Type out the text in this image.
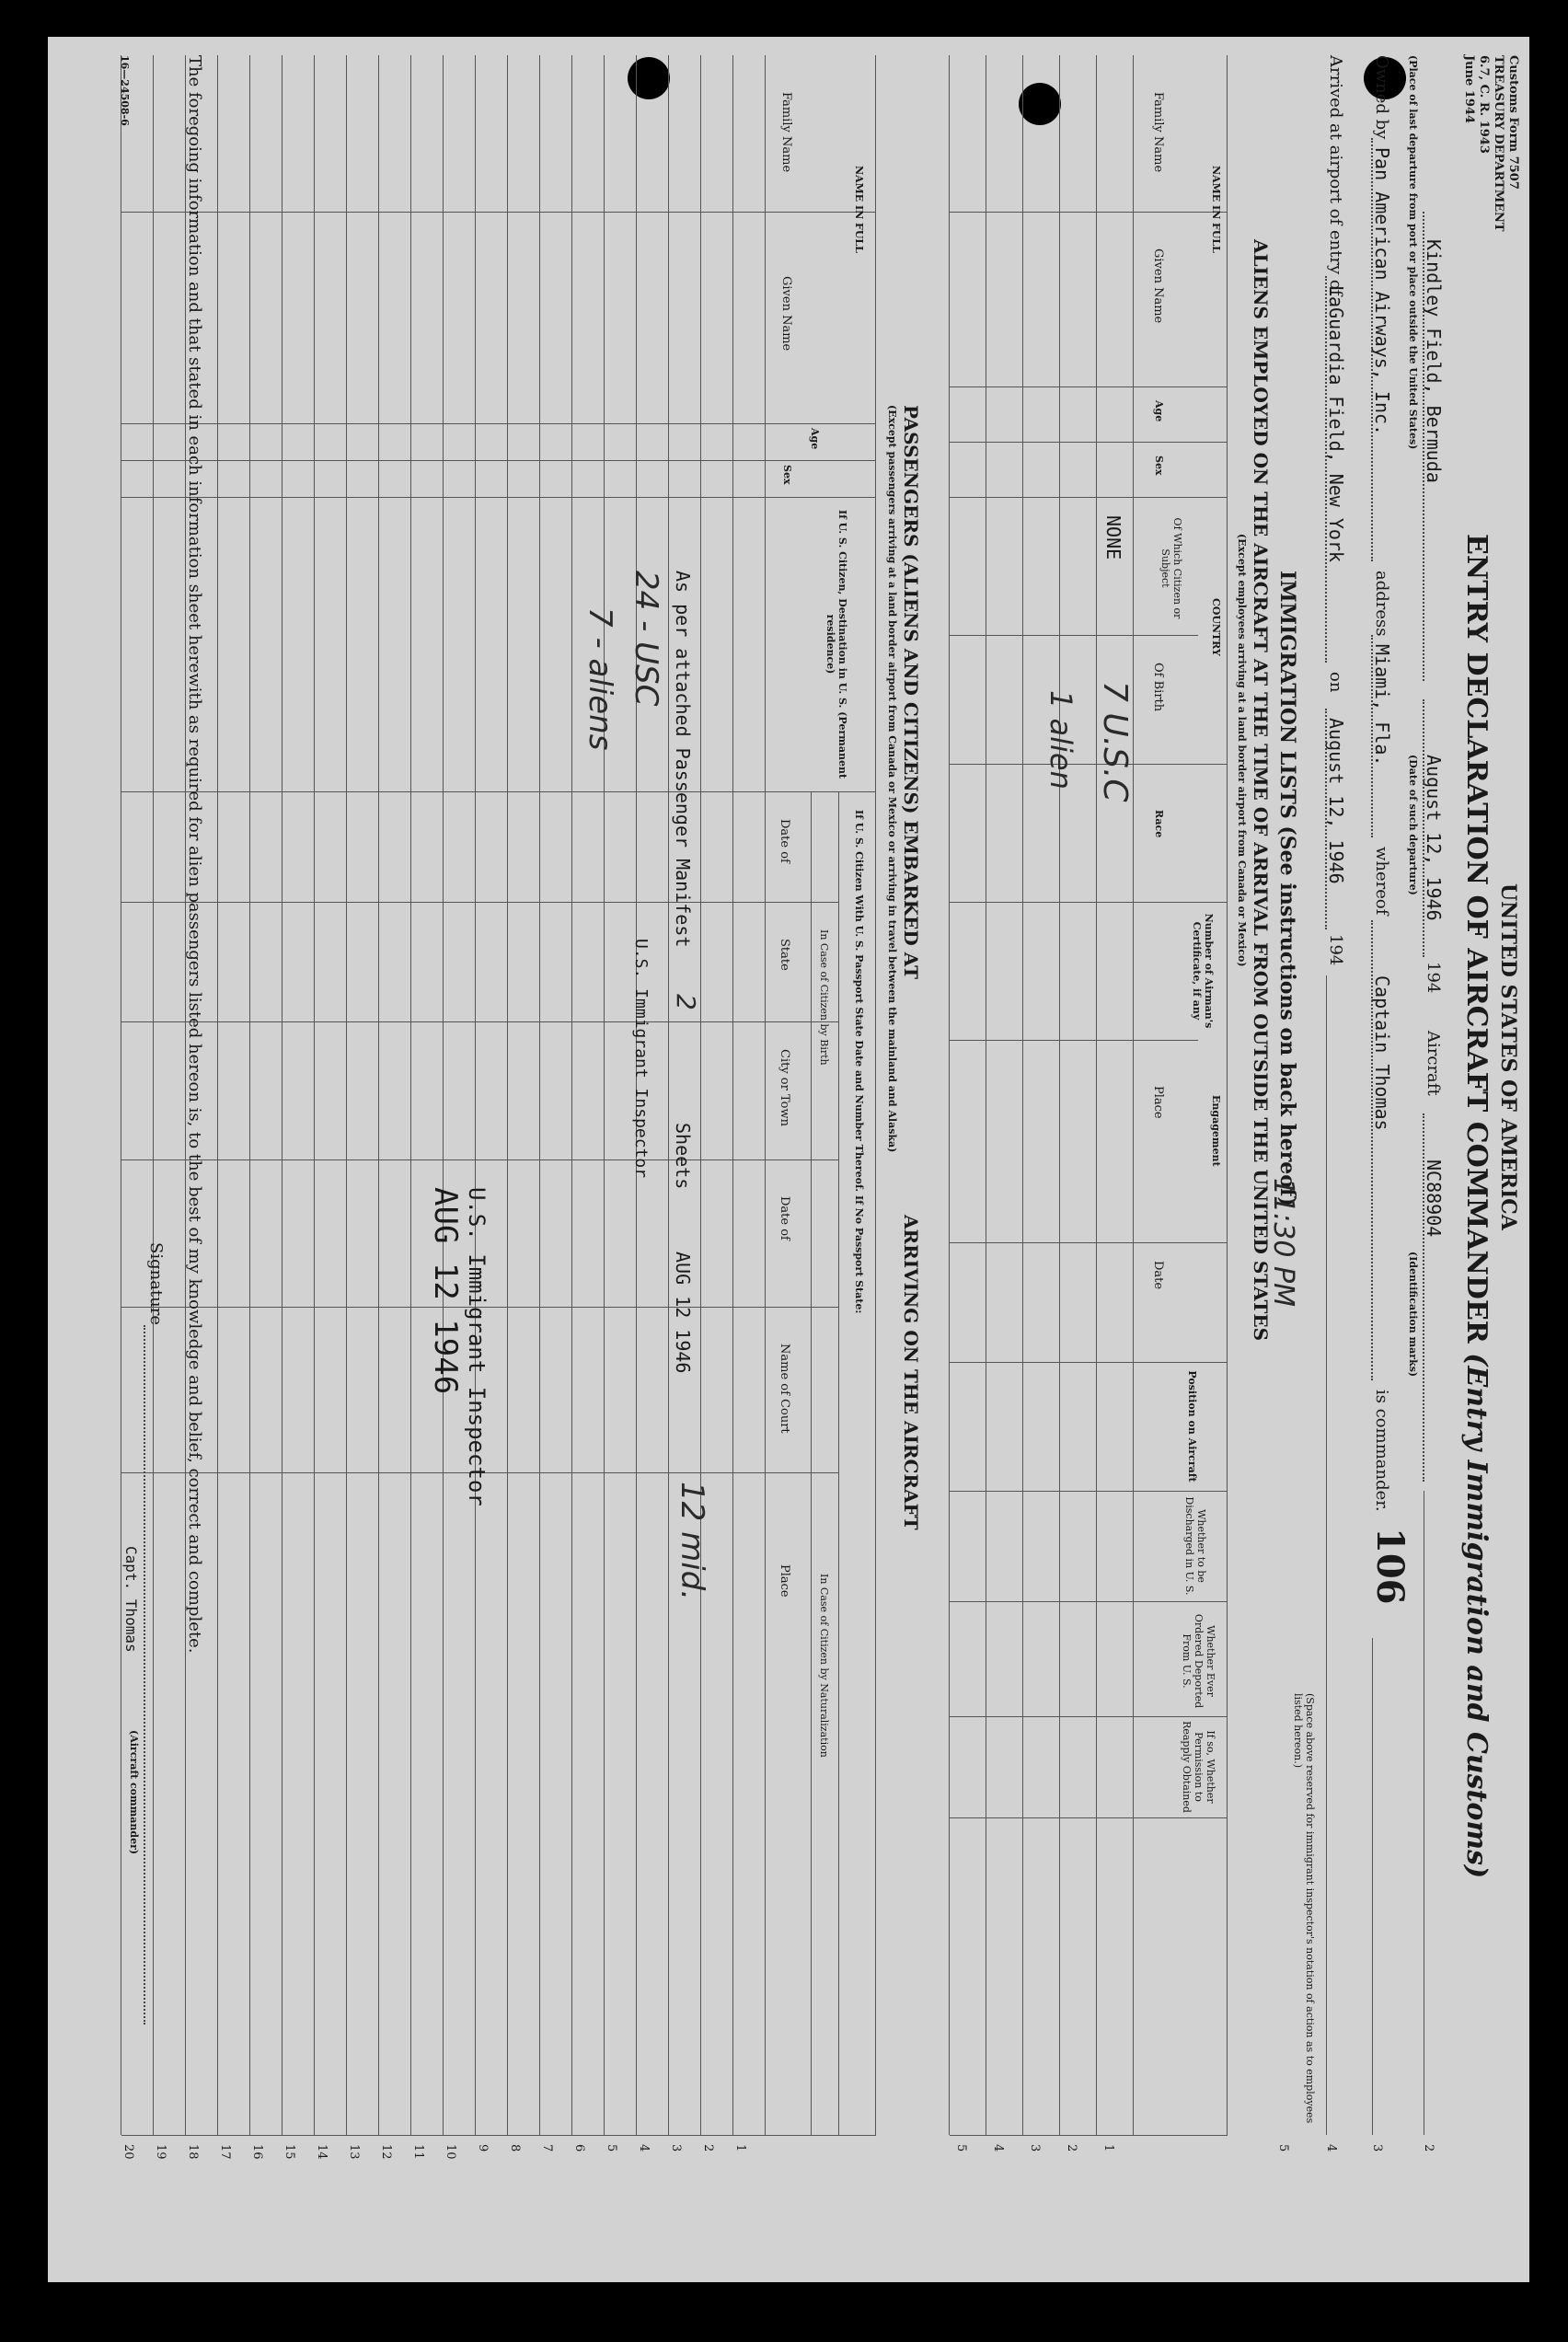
Customs Form 7507
TREASURY DEPARTMENT
6.7, C. R. 1943
June 1944
UNITED STATES OF AMERICA
ENTRY DECLARATION OF AIRCRAFT COMMANDER (Entry Immigration and Customs)
Kindley Field, Bermuda
(Place of last departure from port or place outside the United States)
August 12, 1946
(Date of such departure)
194
Aircraft
NC88904
(Identification marks)
2
Owned by
Pan American Airways, Inc.
address
Miami, Fla.
whereof
Captain Thomas
is commander.
106
3
Arrived at airport of entry of
LaGuardia Field, New York
on
August 12, 1946
194
4
(Space above reserved for immigrant inspector's notation of action as to employees listed hereon.)
5
IMMIGRATION LISTS (See instructions on back hereof)
ALIENS EMPLOYED ON THE AIRCRAFT AT THE TIME OF ARRIVAL FROM OUTSIDE THE UNITED STATES
(Except employees arriving at a land border airport from Canada or Mexico)
NAME IN FULL
Family Name
Given Name
Age
Sex
COUNTRY
Of Which Citizen or Subject
Of Birth
Race
Number of Airman's Certificate, if any
Engagement
Place
Date
Position on Aircraft
Whether to be Discharged in U. S.
Whether Ever Ordered Deported From U. S.
If so, Whether Permission to Reapply Obtained
1
2
3
4
5
NONE
7 U.S.C
1 alien
11:30 PM
PASSENGERS (ALIENS AND CITIZENS) EMBARKED AT
ARRIVING ON THE AIRCRAFT
(Except passengers arriving at a land border airport from Canada or Mexico or arriving in travel between the mainland and Alaska)
NAME IN FULL
Family Name
Given Name
Age
Sex
If U. S. Citizen, Destination in U. S. (Permanent residence)
If U. S. Citizen With U. S. Passport State Date and Number Thereof. If No Passport State:
In Case of Citizen by Birth
In Case of Citizen by Naturalization
Date of
State
City or Town
Date of
Name of Court
Place
1
2
3
4
5
6
7
8
9
10
11
12
13
14
15
16
17
18
19
20
As per attached Passenger Manifest
2
Sheets
AUG 12 1946
12 mid.
24 - USC
7 - aliens
U.S. Immigrant Inspector
U.S. Immigrant Inspector
AUG 12 1946
The foregoing information and that stated in each information sheet herewith as required for alien passengers listed hereon is, to the best of my knowledge and belief, correct and complete.
Signature
Capt. Thomas
(Aircraft commander)
16—24508-6
